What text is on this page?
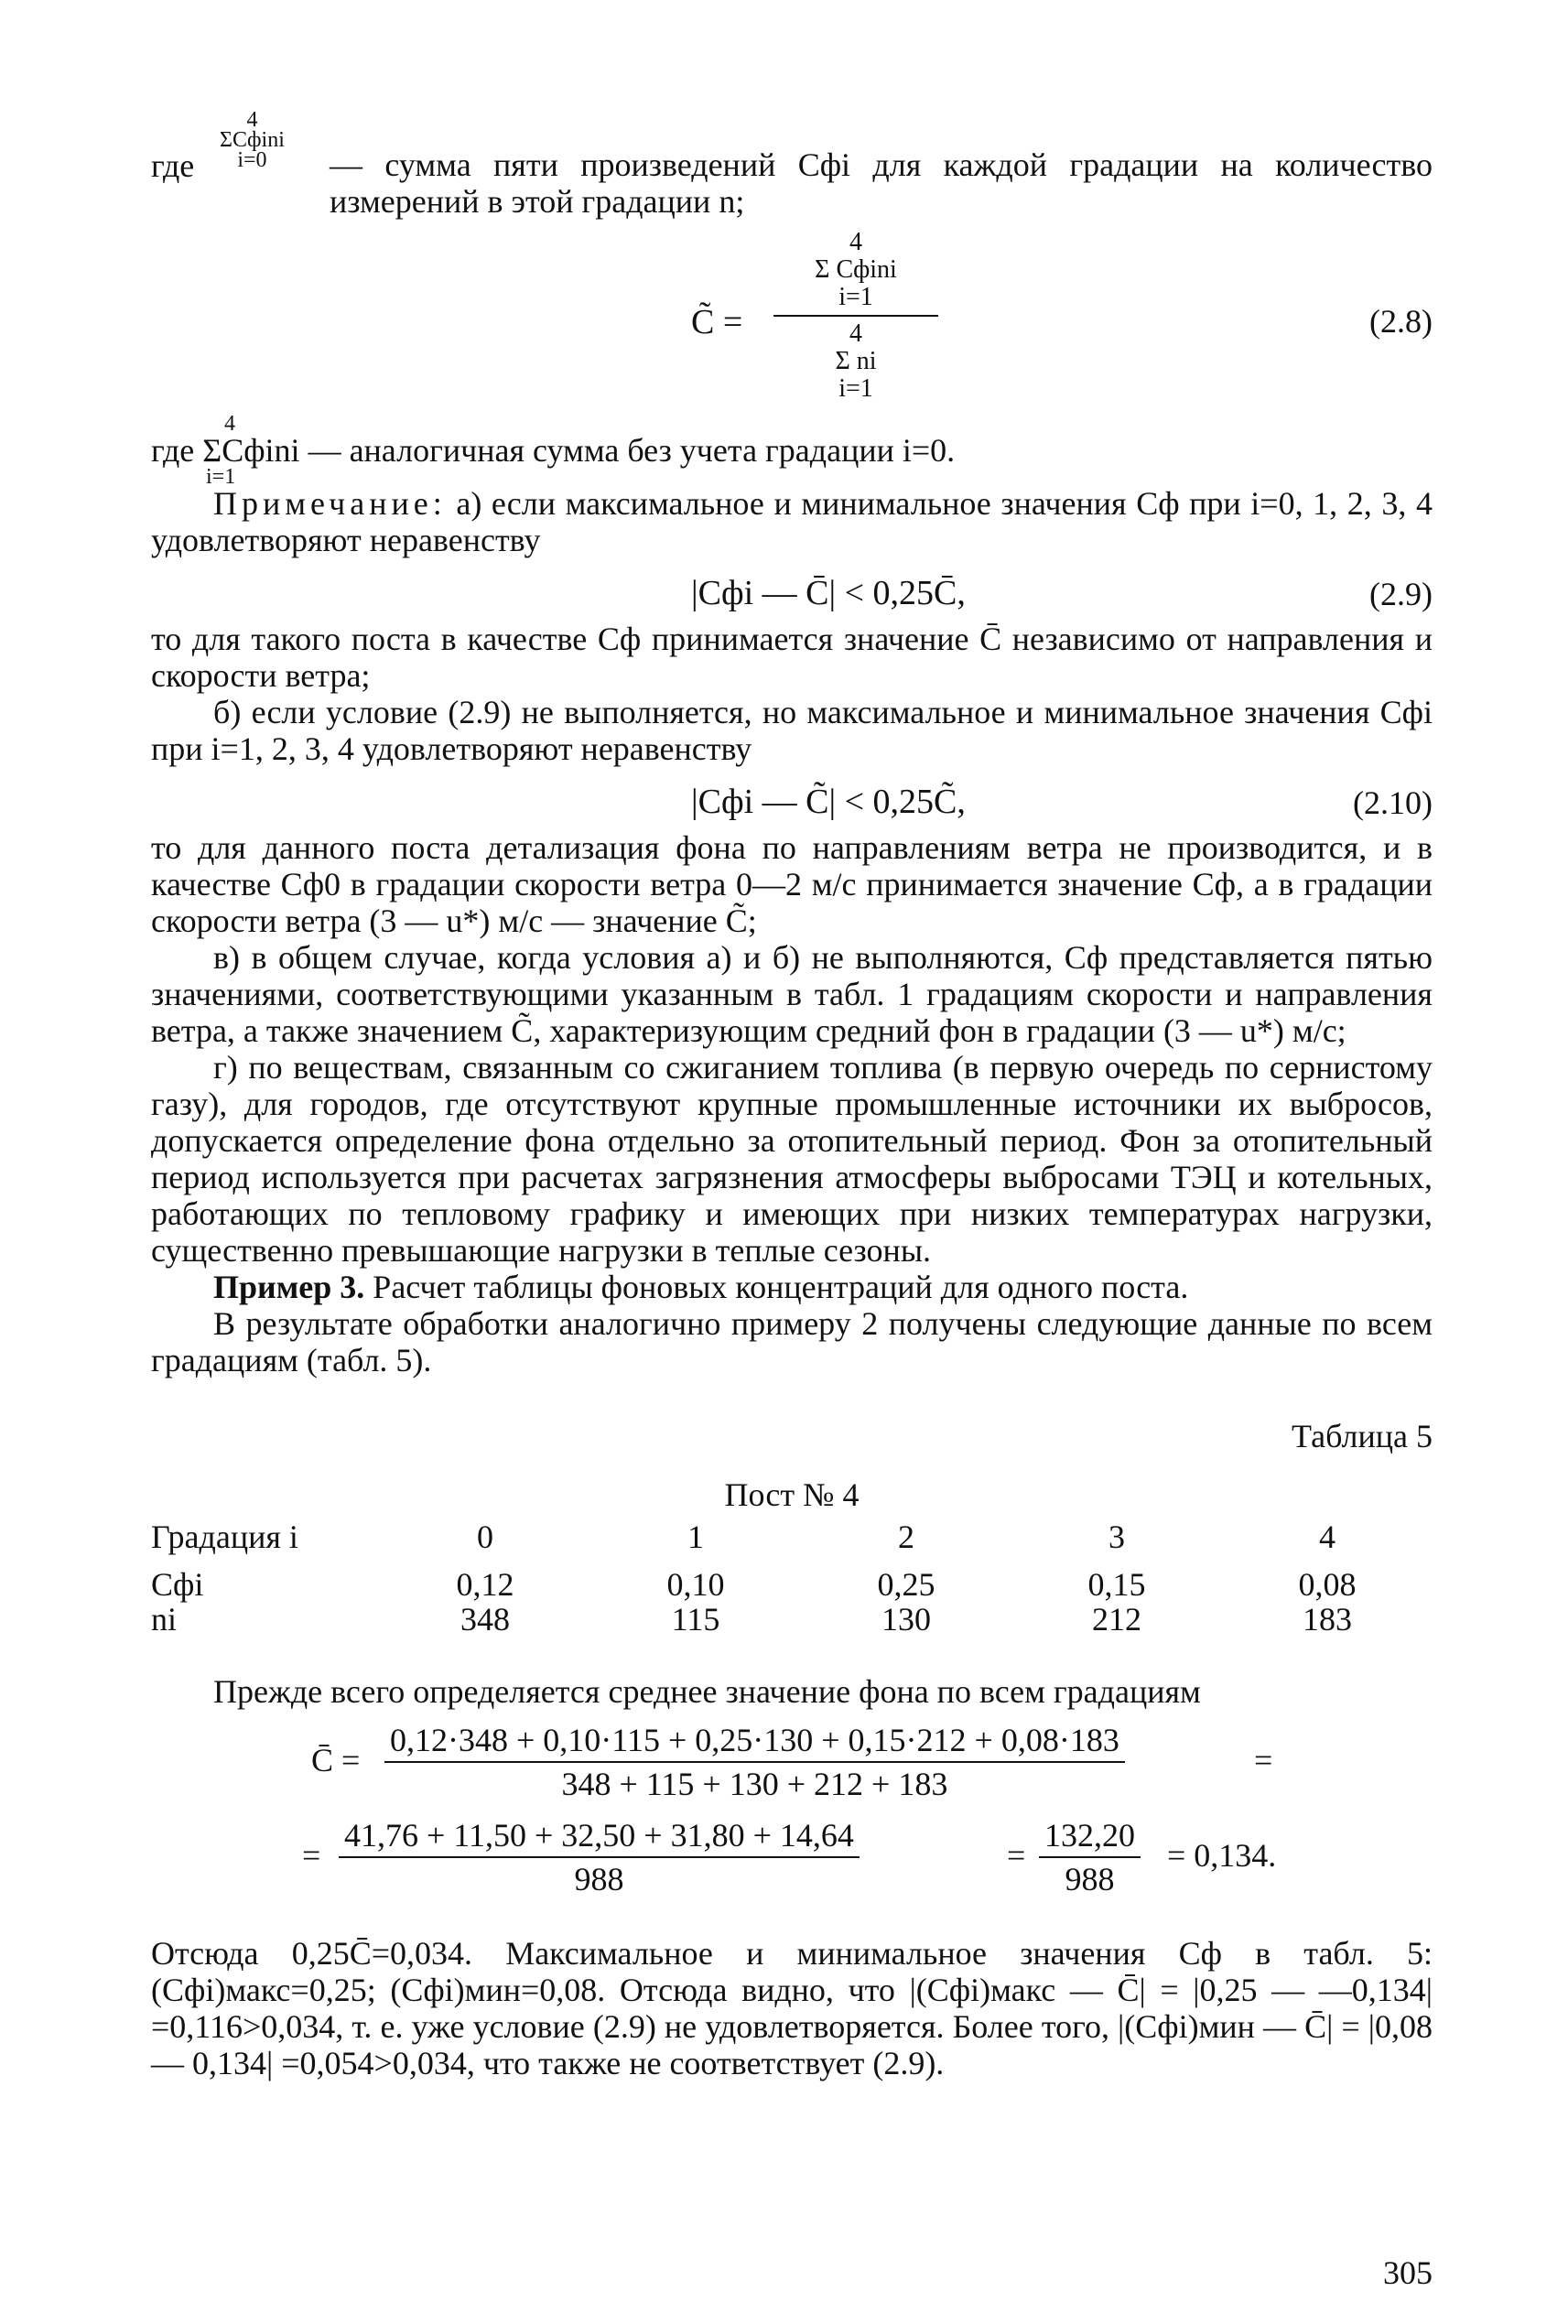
где
4
ΣCфini
i=0	— сумма пяти произведений Cфi для каждой градации на количество измерений в этой градации n;

C̃ =
4
Σ Cфini
i=1
4
Σ ni
i=1
(2.8)
4

где ΣCфini — аналогичная сумма без учета градации i=0.

i=1

Примечание: а) если максимальное и минимальное значения Cф при i=0, 1, 2, 3, 4 удовлетворяют неравенству

|Cфi — C̄| < 0,25C̄,	(2.9)

то для такого поста в качестве Cф принимается значение C̄ независимо от направления и скорости ветра;

б) если условие (2.9) не выполняется, но максимальное и минимальное значения Cфi при i=1, 2, 3, 4 удовлетворяют неравенству

|Cфi — C̃| < 0,25C̃,	(2.10)

то для данного поста детализация фона по направлениям ветра не производится, и в качестве Cф0 в градации скорости ветра 0—2 м/с принимается значение Cф, а в градации скорости ветра (3 — u*) м/с — значение C̃;

в) в общем случае, когда условия а) и б) не выполняются, Cф представляется пятью значениями, соответствующими указанным в табл. 1 градациям скорости и направления ветра, а также значением C̃, характеризующим средний фон в градации (3 — u*) м/с;

г) по веществам, связанным со сжиганием топлива (в первую очередь по сернистому газу), для городов, где отсутствуют крупные промышленные источники их выбросов, допускается определение фона отдельно за отопительный период. Фон за отопительный период используется при расчетах загрязнения атмосферы выбросами ТЭЦ и котельных, работающих по тепловому графику и имеющих при низких температурах нагрузки, существенно превышающие нагрузки в теплые сезоны.

Пример 3. Расчет таблицы фоновых концентраций для одного поста.

В результате обработки аналогично примеру 2 получены следующие данные по всем градациям (табл. 5).

Таблица 5
Пост № 4
Градация i	0	1	2	3	4
Cфi	0,12	0,10	0,25	0,15	0,08
ni	348	115	130	212	183

Прежде всего определяется среднее значение фона по всем градациям

C̄ = $\frac{0,12\cdot 348 + 0,10\cdot 115 + 0,25\cdot 130 + 0,15\cdot 212 + 0,08\cdot 183}{348 + 115 + 130 + 212 + 183}$	=
= $\frac{41,76 + 11,50 + 32,50 + 31,80 + 14,64}{988}$	= $\frac{132,20}{988} = 0,134$.

Отсюда 0,25C̄=0,034. Максимальное и минимальное значения Cф в табл. 5: (Cфi)макс=0,25; (Cфi)мин=0,08. Отсюда видно, что |(Cфi)макс — C̄| = |0,25 — —0,134| =0,116>0,034, т. е. уже условие (2.9) не удовлетворяется. Более того, |(Cфi)мин — C̄| = |0,08 — 0,134| =0,054>0,034, что также не соответствует (2.9).

305
